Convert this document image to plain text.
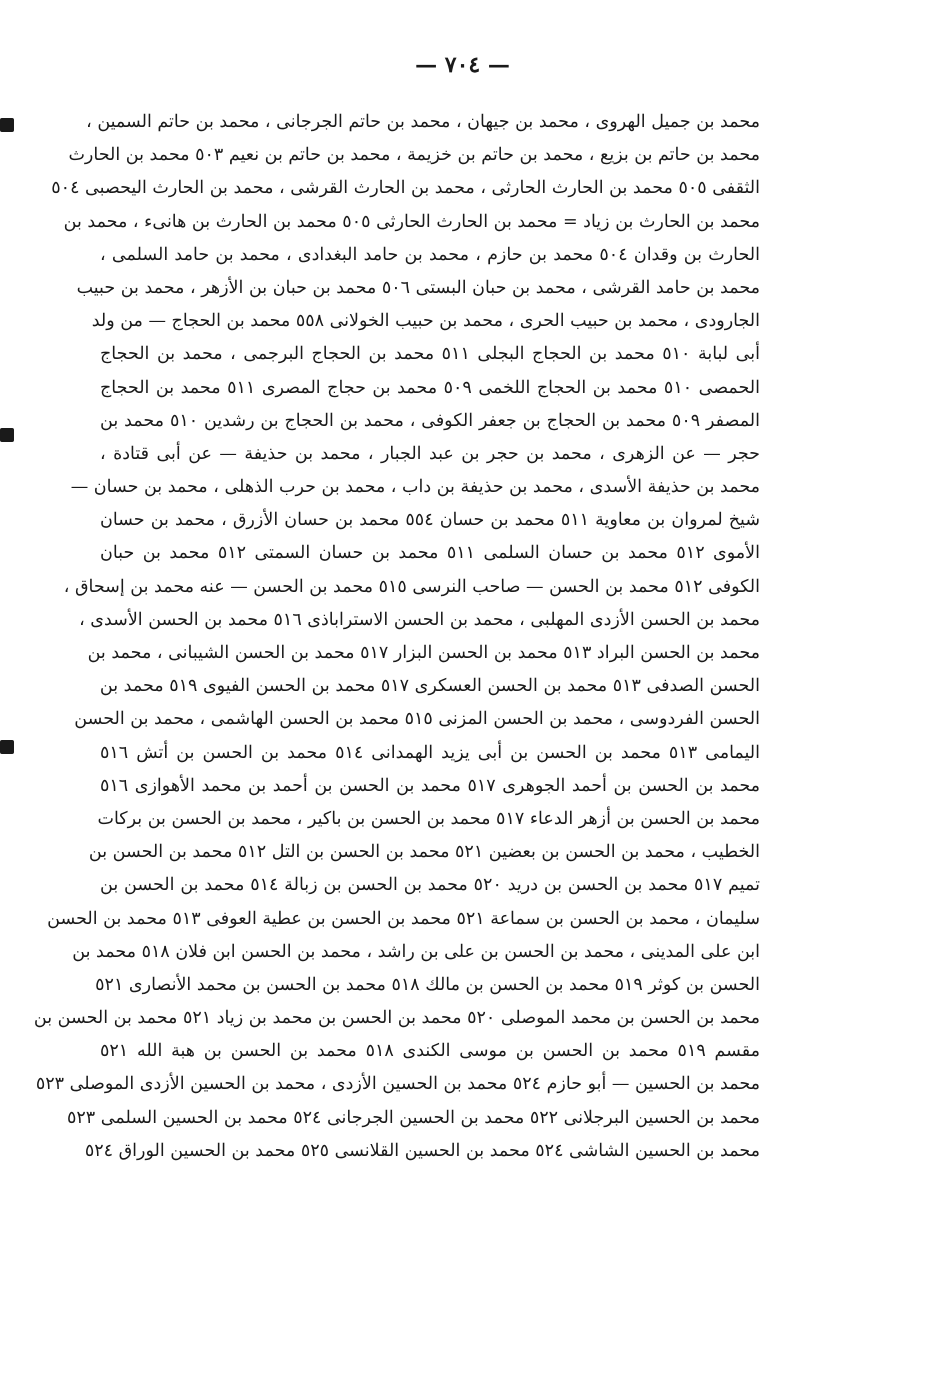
— ٧٠٤ —
محمد بن جميل الهروى ، محمد بن جيهان ، محمد بن حاتم الجرجانى ، محمد بن حاتم السمين ،
محمد بن حاتم بن بزيع ، محمد بن حاتم بن خزيمة ، محمد بن حاتم بن نعيم ٥٠٣ محمد بن الحارث
الثقفى ٥٠٥ محمد بن الحارث الحارثى ، محمد بن الحارث القرشى ، محمد بن الحارث اليحصبى ٥٠٤
محمد بن الحارث بن زياد = محمد بن الحارث الحارثى ٥٠٥ محمد بن الحارث بن هانىء ، محمد بن
الحارث بن وقدان ٥٠٤ محمد بن حازم ، محمد بن حامد البغدادى ، محمد بن حامد السلمى ،
محمد بن حامد القرشى ، محمد بن حبان البستى ٥٠٦ محمد بن حبان بن الأزهر ، محمد بن حبيب
الجارودى ، محمد بن حبيب الحرى ، محمد بن حبيب الخولانى ٥٥٨ محمد بن الحجاج — من ولد
أبى لبابة ٥١٠ محمد بن الحجاج البجلى ٥١١ محمد بن الحجاج البرجمى ، محمد بن الحجاج
الحمصى ٥١٠ محمد بن الحجاج اللخمى ٥٠٩ محمد بن حجاج المصرى ٥١١ محمد بن الحجاج
المصفر ٥٠٩ محمد بن الحجاج بن جعفر الكوفى ، محمد بن الحجاج بن رشدين ٥١٠ محمد بن
حجر — عن الزهرى ، محمد بن حجر بن عبد الجبار ، محمد بن حذيفة — عن أبى قتادة ،
محمد بن حذيفة الأسدى ، محمد بن حذيفة بن داب ، محمد بن حرب الذهلى ، محمد بن حسان —
شيخ لمروان بن معاوية ٥١١ محمد بن حسان ٥٥٤ محمد بن حسان الأزرق ، محمد بن حسان
الأموى ٥١٢ محمد بن حسان السلمى ٥١١ محمد بن حسان السمتى ٥١٢ محمد بن حبان
الكوفى ٥١٢ محمد بن الحسن — صاحب النرسى ٥١٥ محمد بن الحسن — عنه محمد بن إسحاق ،
محمد بن الحسن الأزدى المهلبى ، محمد بن الحسن الاستراباذى ٥١٦ محمد بن الحسن الأسدى ،
محمد بن الحسن البراد ٥١٣ محمد بن الحسن البزار ٥١٧ محمد بن الحسن الشيبانى ، محمد بن
الحسن الصدفى ٥١٣ محمد بن الحسن العسكرى ٥١٧ محمد بن الحسن الفيوى ٥١٩ محمد بن
الحسن الفردوسى ، محمد بن الحسن المزنى ٥١٥ محمد بن الحسن الهاشمى ، محمد بن الحسن
اليمامى ٥١٣ محمد بن الحسن بن أبى يزيد الهمدانى ٥١٤ محمد بن الحسن بن أتش ٥١٦
محمد بن الحسن بن أحمد الجوهرى ٥١٧ محمد بن الحسن بن أحمد بن محمد الأهوازى ٥١٦
محمد بن الحسن بن أزهر الدعاء ٥١٧ محمد بن الحسن بن باكير ، محمد بن الحسن بن بركات
الخطيب ، محمد بن الحسن بن بعضين ٥٢١ محمد بن الحسن بن التل ٥١٢ محمد بن الحسن بن
تميم ٥١٧ محمد بن الحسن بن دريد ٥٢٠ محمد بن الحسن بن زبالة ٥١٤ محمد بن الحسن بن
سليمان ، محمد بن الحسن بن سماعة ٥٢١ محمد بن الحسن بن عطية العوفى ٥١٣ محمد بن الحسن
ابن على المدينى ، محمد بن الحسن بن على بن راشد ، محمد بن الحسن ابن فلان ٥١٨ محمد بن
الحسن بن كوثر ٥١٩ محمد بن الحسن بن مالك ٥١٨ محمد بن الحسن بن محمد الأنصارى ٥٢١
محمد بن الحسن بن محمد الموصلى ٥٢٠ محمد بن الحسن بن محمد بن زياد ٥٢١ محمد بن الحسن بن
مقسم ٥١٩ محمد بن الحسن بن موسى الكندى ٥١٨ محمد بن الحسن بن هبة الله ٥٢١
محمد بن الحسين — أبو حازم ٥٢٤ محمد بن الحسين الأزدى ، محمد بن الحسين الأزدى الموصلى ٥٢٣
محمد بن الحسين البرجلانى ٥٢٢ محمد بن الحسين الجرجانى ٥٢٤ محمد بن الحسين السلمى ٥٢٣
محمد بن الحسين الشاشى ٥٢٤ محمد بن الحسين القلانسى ٥٢٥ محمد بن الحسين الوراق ٥٢٤
